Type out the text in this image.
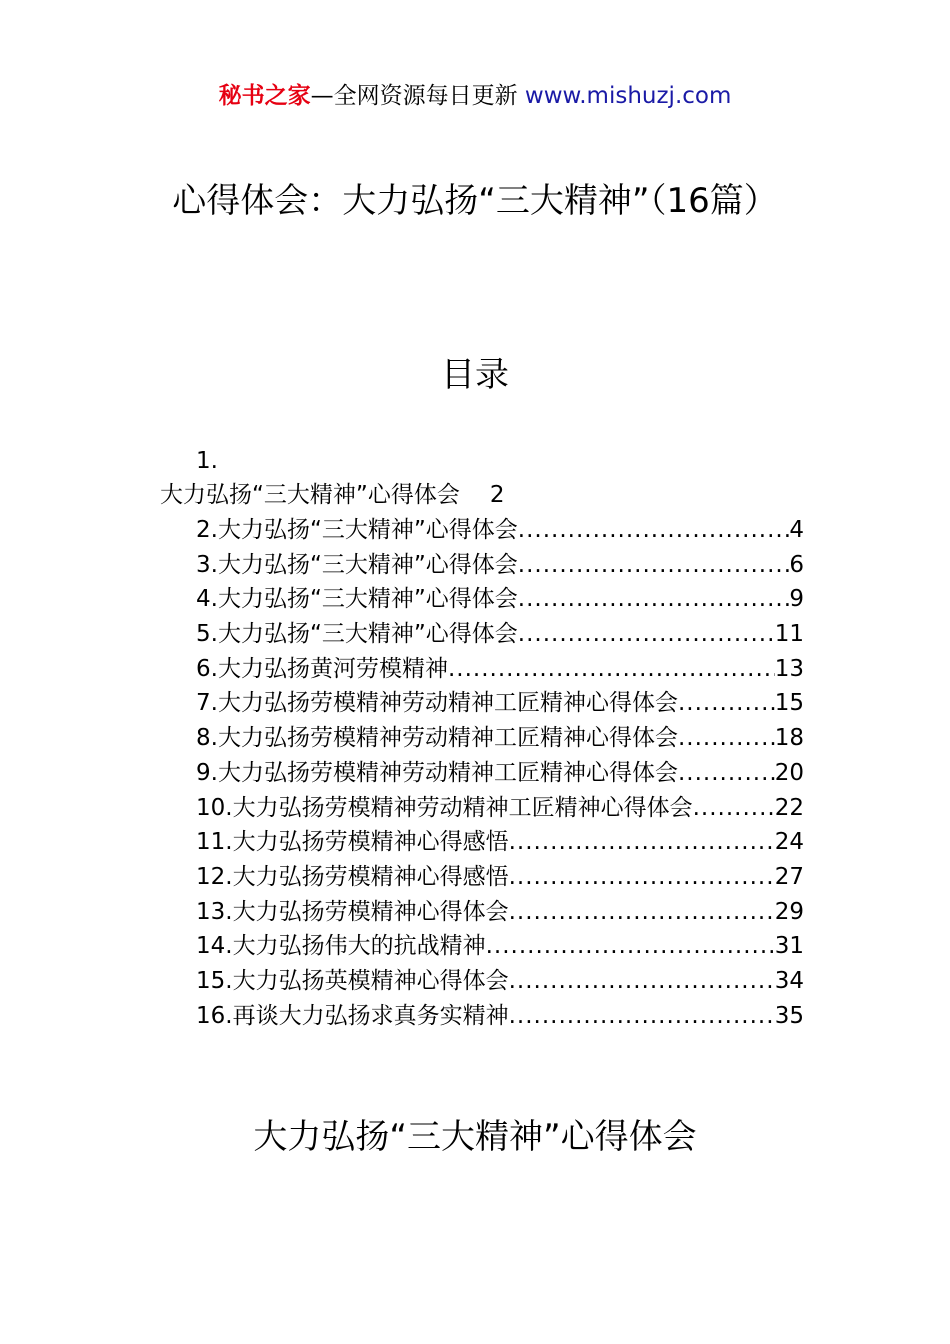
秘书之家—全网资源每日更新 www.mishuzj.com
心得体会：大力弘扬“三大精神”（16篇）
目录
1.
大力弘扬“三大精神”心得体会 2
2.大力弘扬“三大精神”心得体会 .....	4
3.大力弘扬“三大精神”心得体会 .....	6
4.大力弘扬“三大精神”心得体会 .....	9
5.大力弘扬“三大精神”心得体会 .....	11
6.大力弘扬黄河劳模精神 .....	13
7.大力弘扬劳模精神劳动精神工匠精神心得体会 .....	15
8.大力弘扬劳模精神劳动精神工匠精神心得体会 .....	18
9.大力弘扬劳模精神劳动精神工匠精神心得体会 .....	20
10.大力弘扬劳模精神劳动精神工匠精神心得体会 .....	22
11.大力弘扬劳模精神心得感悟 .....	24
12.大力弘扬劳模精神心得感悟 .....	27
13.大力弘扬劳模精神心得体会 .....	29
14.大力弘扬伟大的抗战精神 .....	31
15.大力弘扬英模精神心得体会 .....	34
16.再谈大力弘扬求真务实精神 .....	35
大力弘扬“三大精神”心得体会
